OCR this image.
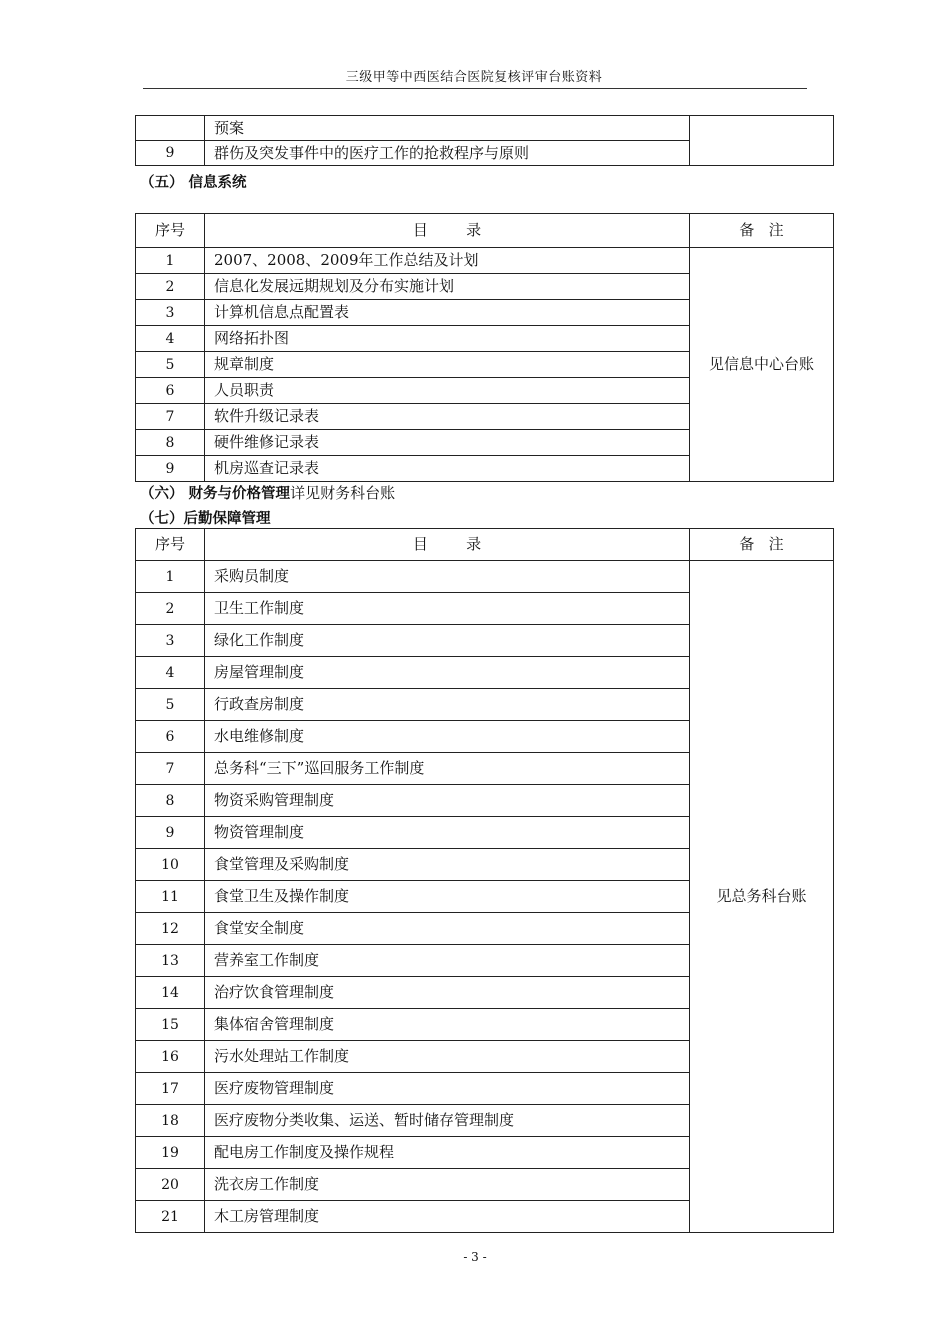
三级甲等中西医结合医院复核评审台账资料
	预案	
9	群伤及突发事件中的医疗工作的抢救程序与原则	
（五） 信息系统
序号	目        录	备   注
1	2007、2008、2009年工作总结及计划	见信息中心台账
2	信息化发展远期规划及分布实施计划	
3	计算机信息点配置表	
4	网络拓扑图	
5	规章制度	
6	人员职责	
7	软件升级记录表	
8	硬件维修记录表	
9	机房巡查记录表	
（六） 财务与价格管理详见财务科台账
（七）后勤保障管理
序号	目        录	备   注
1	采购员制度	见总务科台账
2	卫生工作制度	
3	绿化工作制度	
4	房屋管理制度	
5	行政查房制度	
6	水电维修制度	
7	总务科“三下”巡回服务工作制度	
8	物资采购管理制度	
9	物资管理制度	
10	食堂管理及采购制度	
11	食堂卫生及操作制度	
12	食堂安全制度	
13	营养室工作制度	
14	治疗饮食管理制度	
15	集体宿舍管理制度	
16	污水处理站工作制度	
17	医疗废物管理制度	
18	医疗废物分类收集、运送、暂时储存管理制度	
19	配电房工作制度及操作规程	
20	洗衣房工作制度	
21	木工房管理制度	
- 3 -
